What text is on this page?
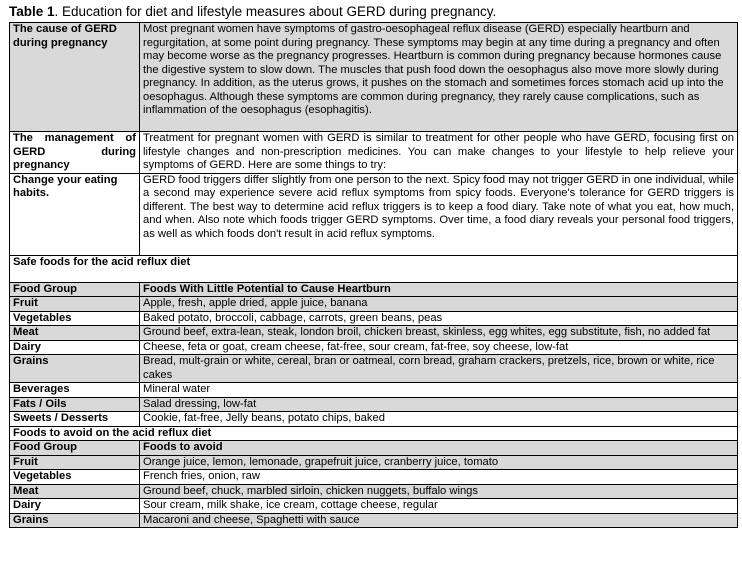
Table 1. Education for diet and lifestyle measures about GERD during pregnancy.
The cause of GERD during pregnancy	Most pregnant women have symptoms of gastro-oesophageal reflux disease (GERD) especially heartburn and regurgitation, at some point during pregnancy. These symptoms may begin at any time during a pregnancy and often may become worse as the pregnancy progresses. Heartburn is common during pregnancy because hormones cause the digestive system to slow down. The muscles that push food down the oesophagus also move more slowly during pregnancy. In addition, as the uterus grows, it pushes on the stomach and sometimes forces stomach acid up into the oesophagus. Although these symptoms are common during pregnancy, they rarely cause complications, such as inflammation of the oesophagus (esophagitis).
The management of GERD during pregnancy	Treatment for pregnant women with GERD is similar to treatment for other people who have GERD, focusing first on lifestyle changes and non-prescription medicines. You can make changes to your lifestyle to help relieve your symptoms of GERD. Here are some things to try:
Change your eating habits.	GERD food triggers differ slightly from one person to the next. Spicy food may not trigger GERD in one individual, while a second may experience severe acid reflux symptoms from spicy foods. Everyone's tolerance for GERD triggers is different. The best way to determine acid reflux triggers is to keep a food diary. Take note of what you eat, how much, and when. Also note which foods trigger GERD symptoms. Over time, a food diary reveals your personal food triggers, as well as which foods don't result in acid reflux symptoms.
Safe foods for the acid reflux diet	
Food Group	Foods With Little Potential to Cause Heartburn
Fruit	Apple, fresh, apple dried, apple juice, banana
Vegetables	Baked potato, broccoli, cabbage, carrots, green beans, peas
Meat	Ground beef, extra-lean, steak, london broil, chicken breast, skinless, egg whites, egg substitute, fish, no added fat
Dairy	Cheese, feta or goat, cream cheese, fat-free, sour cream, fat-free, soy cheese, low-fat
Grains	Bread, mult-grain or white, cereal, bran or oatmeal, corn bread, graham crackers, pretzels, rice, brown or white, rice cakes
Beverages	Mineral water
Fats / Oils	Salad dressing, low-fat
Sweets / Desserts	Cookie, fat-free, Jelly beans, potato chips, baked
Foods to avoid on the acid reflux diet	
Food Group	Foods to avoid
Fruit	Orange juice, lemon, lemonade, grapefruit juice, cranberry juice, tomato
Vegetables	French fries, onion, raw
Meat	Ground beef, chuck, marbled sirloin, chicken nuggets, buffalo wings
Dairy	Sour cream, milk shake, ice cream, cottage cheese, regular
Grains	Macaroni and cheese, Spaghetti with sauce
